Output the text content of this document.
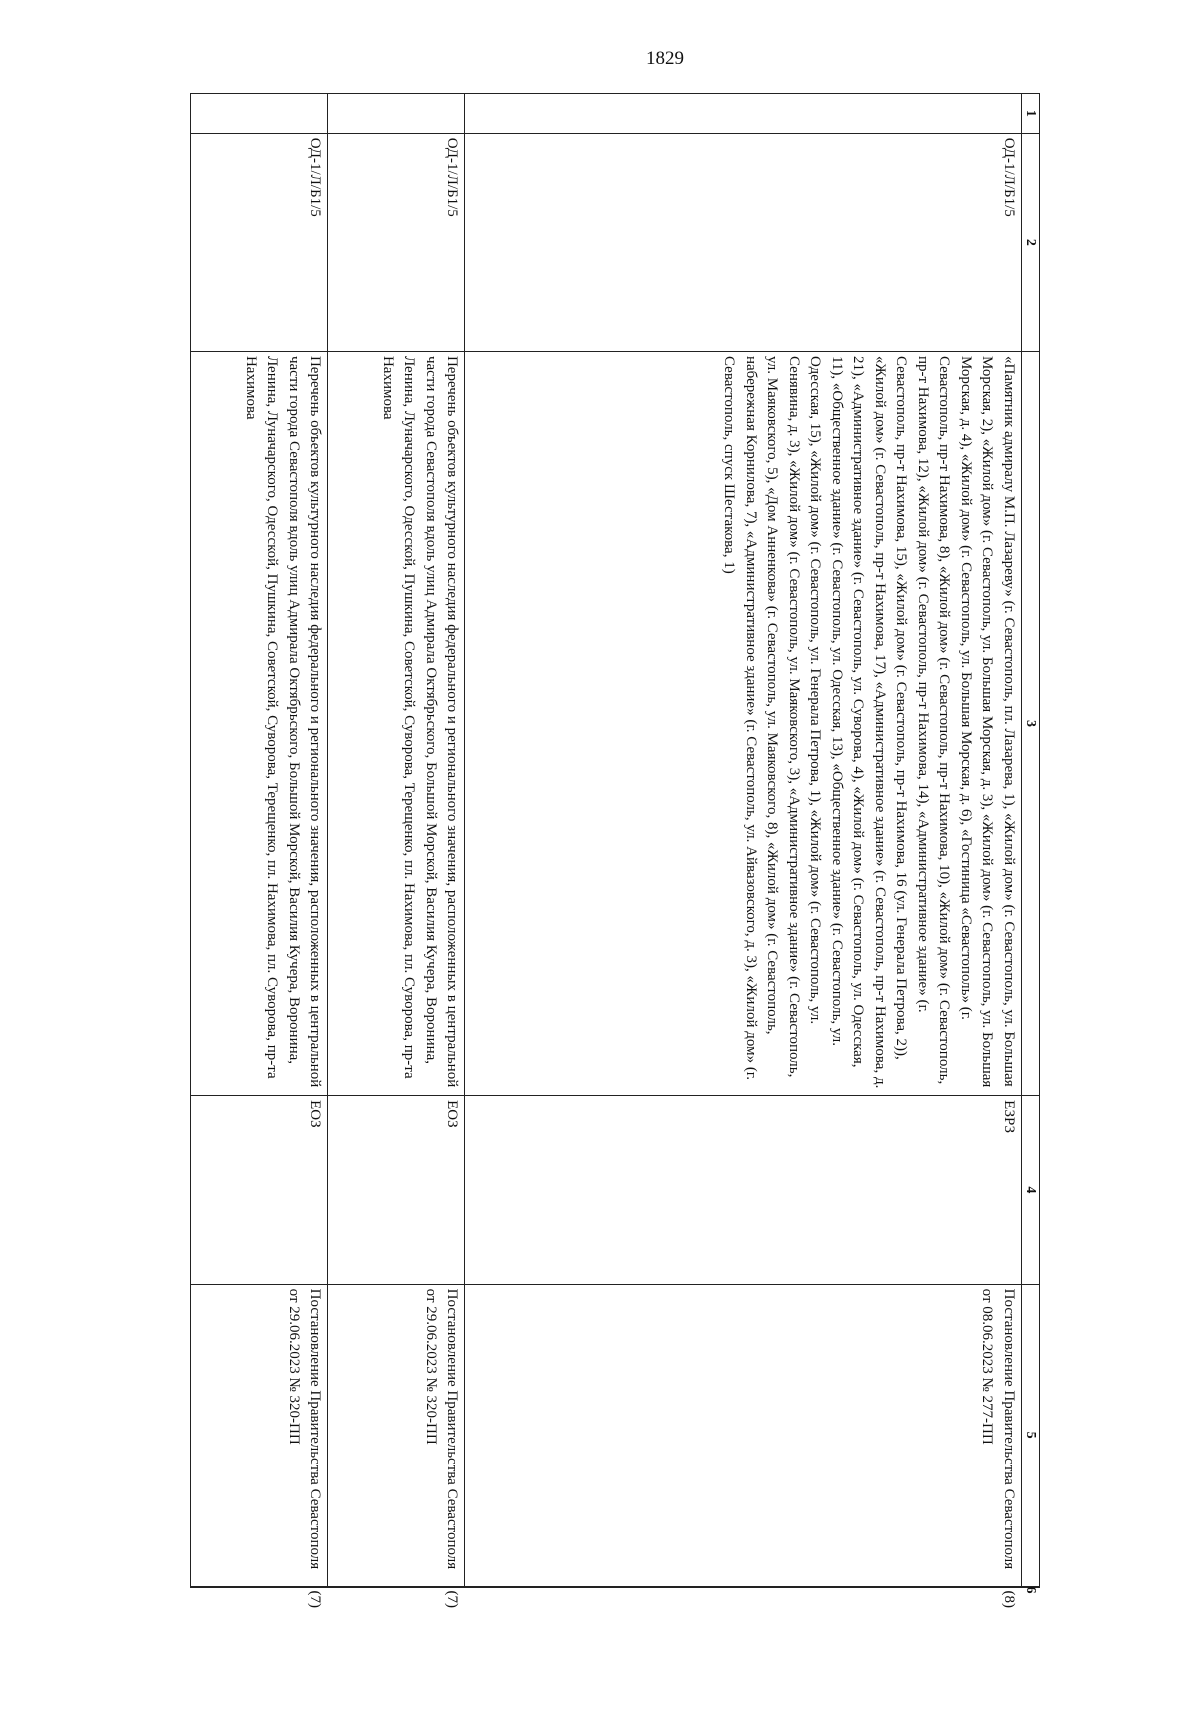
1829
1	2	3	4	5	6
	ОД-1/Л/Б1/5	«Памятник адмиралу М.П. Лазареву» (г. Севастополь, пл. Лазарева, 1), «Жилой дом» (г. Севастополь, ул. Большая Морская, 2), «Жилой дом» (г. Севастополь, ул. Большая Морская, д. 3), «Жилой дом» (г. Севастополь, ул. Большая Морская, д. 4), «Жилой дом» (г. Севастополь, ул. Большая Морская, д. 6), «Гостиница «Севастополь» (г. Севастополь, пр-т Нахимова, 8), «Жилой дом» (г. Севастополь, пр-т Нахимова, 10), «Жилой дом» (г. Севастополь, пр-т Нахимова, 12), «Жилой дом» (г. Севастополь, пр-т Нахимова, 14), «Административное здание» (г. Севастополь, пр-т Нахимова, 15), «Жилой дом» (г. Севастополь, пр-т Нахимова, 16 (ул. Генерала Петрова, 2)), «Жилой дом» (г. Севастополь, пр-т Нахимова, 17), «Административное здание» (г. Севастополь, пр-т Нахимова, д. 21), «Административное здание» (г. Севастополь, ул. Суворова, 4), «Жилой дом» (г. Севастополь, ул. Одесская, 11), «Общественное здание» (г. Севастополь, ул. Одесская, 13), «Общественное здание» (г. Севастополь, ул. Одесская, 15), «Жилой дом» (г. Севастополь, ул. Генерала Петрова, 1), «Жилой дом» (г. Севастополь, ул. Сенявина, д. 3), «Жилой дом» (г. Севастополь, ул. Маяковского, 3), «Административное здание» (г. Севастополь, ул. Маяковского, 5), «Дом Анненкова» (г. Севастополь, ул. Маяковского, 8), «Жилой дом» (г. Севастополь, набережная Корнилова, 7), «Административное здание» (г. Севастополь, ул. Айвазовского, д. 3), «Жилой дом» (г. Севастополь, спуск Шестакова, 1)	ЕЗРЗ	Постановление Правительства Севастополя от 08.06.2023 № 277-ПП	(8)
	ОД-1/Л/Б1/5	Перечень объектов культурного наследия федерального и регионального значения, расположенных в центральной части города Севастополя вдоль улиц Адмирала Октябрьского, Большой Морской, Василия Кучера, Воронина, Ленина, Луначарского, Одесской, Пушкина, Советской, Суворова, Терещенко, пл. Нахимова, пл. Суворова, пр-та Нахимова	ЕОЗ	Постановление Правительства Севастополя от 29.06.2023 № 320-ПП	(7)
	ОД-1/Л/Б1/5	Перечень объектов культурного наследия федерального и регионального значения, расположенных в центральной части города Севастополя вдоль улиц Адмирала Октябрьского, Большой Морской, Василия Кучера, Воронина, Ленина, Луначарского, Одесской, Пушкина, Советской, Суворова, Терещенко, пл. Нахимова, пл. Суворова, пр-та Нахимова	ЕОЗ	Постановление Правительства Севастополя от 29.06.2023 № 320-ПП	(7)
